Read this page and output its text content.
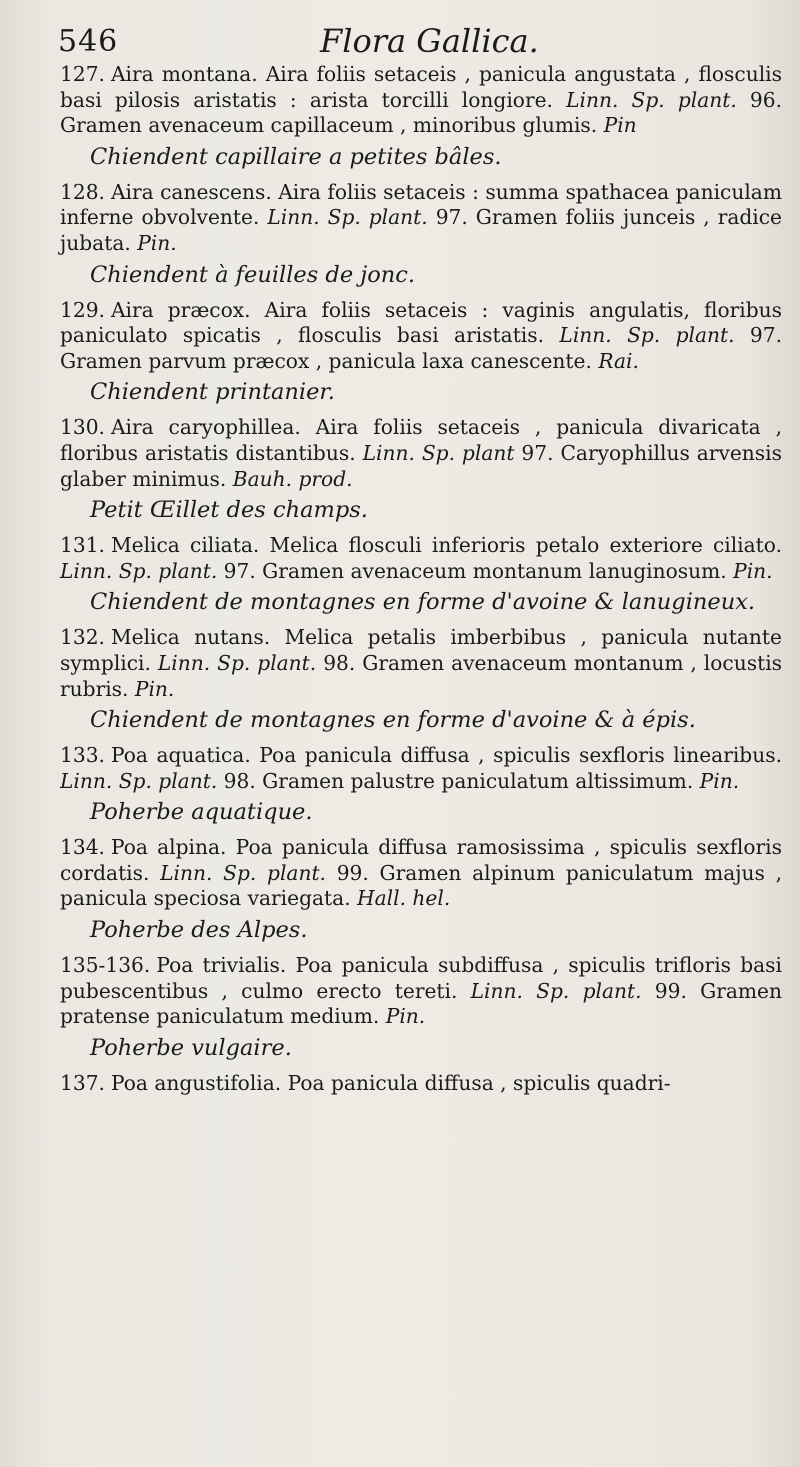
546	Flora Gallica.

127. Aira montana. Aira foliis setaceis , panicula angustata , flosculis basi pilosis aristatis : arista torcilli longiore. Linn. Sp. plant. 96. Gramen avenaceum capillaceum , minoribus glumis. Pin

Chiendent capillaire a petites bâles.

128. Aira canescens. Aira foliis setaceis : summa spathacea paniculam inferne obvolvente. Linn. Sp. plant. 97. Gramen foliis junceis , radice jubata. Pin.

Chiendent à feuilles de jonc.

129. Aira præcox. Aira foliis setaceis : vaginis angulatis, floribus paniculato spicatis , flosculis basi aristatis. Linn. Sp. plant. 97. Gramen parvum præcox , panicula laxa canescente. Rai.

Chiendent printanier.

130. Aira caryophillea. Aira foliis setaceis , panicula divaricata , floribus aristatis distantibus. Linn. Sp. plant 97. Caryophillus arvensis glaber minimus. Bauh. prod.

Petit Œillet des champs.

131. Melica ciliata. Melica flosculi inferioris petalo exteriore ciliato. Linn. Sp. plant. 97. Gramen avenaceum montanum lanuginosum. Pin.

Chiendent de montagnes en forme d'avoine & lanugineux.

132. Melica nutans. Melica petalis imberbibus , panicula nutante symplici. Linn. Sp. plant. 98. Gramen avenaceum montanum , locustis rubris. Pin.

Chiendent de montagnes en forme d'avoine & à épis.

133. Poa aquatica. Poa panicula diffusa , spiculis sexfloris linearibus. Linn. Sp. plant. 98. Gramen palustre paniculatum altissimum. Pin.

Poherbe aquatique.

134. Poa alpina. Poa panicula diffusa ramosissima , spiculis sexfloris cordatis. Linn. Sp. plant. 99. Gramen alpinum paniculatum majus , panicula speciosa variegata. Hall. hel.

Poherbe des Alpes.

135-136. Poa trivialis. Poa panicula subdiffusa , spiculis trifloris basi pubescentibus , culmo erecto tereti. Linn. Sp. plant. 99. Gramen pratense paniculatum medium. Pin.

Poherbe vulgaire.

137. Poa angustifolia. Poa panicula diffusa , spiculis quadri-
